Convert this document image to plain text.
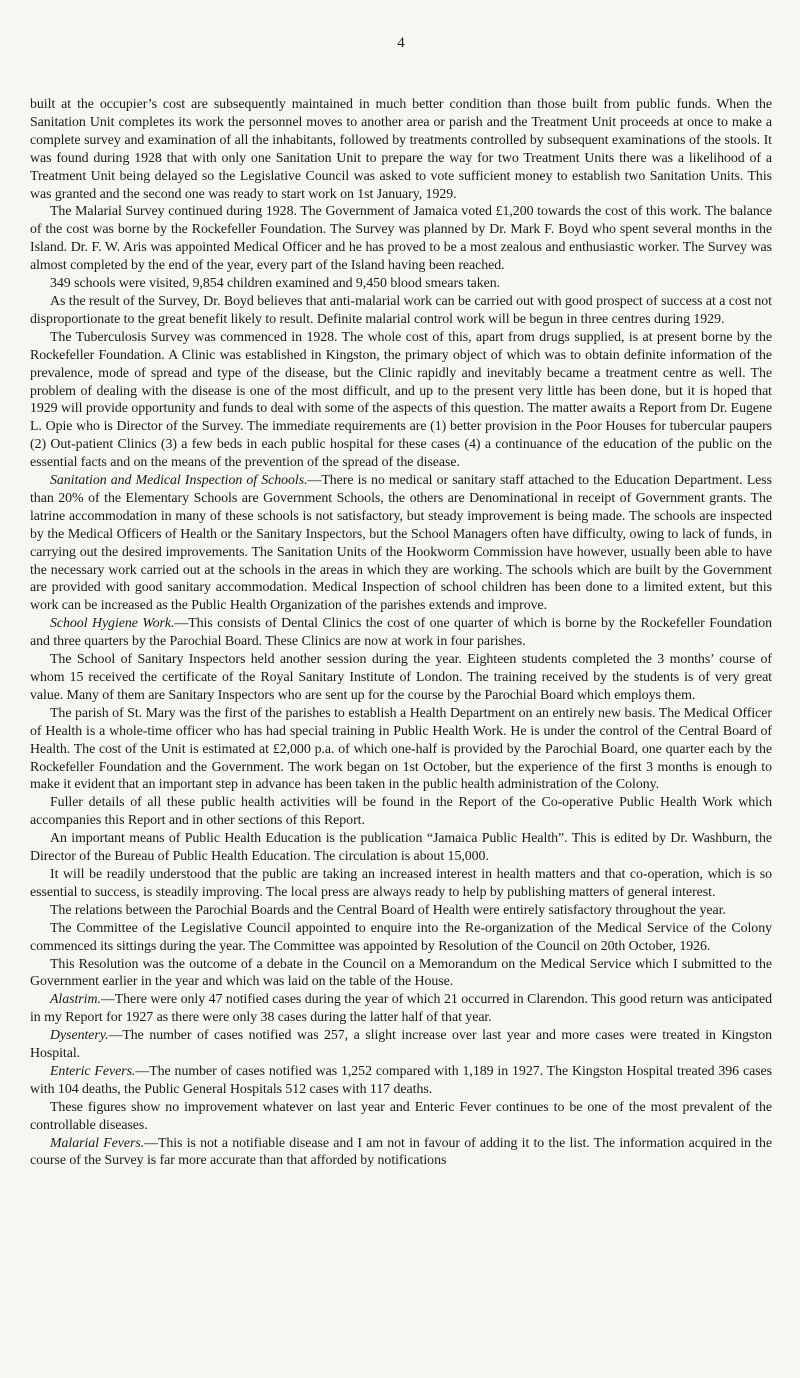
4

built at the occupier’s cost are subsequently maintained in much better condition than those built from public funds. When the Sanitation Unit completes its work the personnel moves to another area or parish and the Treatment Unit proceeds at once to make a complete survey and examination of all the inhabitants, followed by treatments controlled by subsequent examinations of the stools. It was found during 1928 that with only one Sanitation Unit to prepare the way for two Treatment Units there was a likelihood of a Treatment Unit being delayed so the Legislative Council was asked to vote sufficient money to establish two Sanitation Units. This was granted and the second one was ready to start work on 1st January, 1929.

The Malarial Survey continued during 1928. The Government of Jamaica voted £1,200 towards the cost of this work. The balance of the cost was borne by the Rockefeller Foundation. The Survey was planned by Dr. Mark F. Boyd who spent several months in the Island. Dr. F. W. Aris was appointed Medical Officer and he has proved to be a most zealous and enthusiastic worker. The Survey was almost completed by the end of the year, every part of the Island having been reached.

349 schools were visited, 9,854 children examined and 9,450 blood smears taken.

As the result of the Survey, Dr. Boyd believes that anti-malarial work can be carried out with good prospect of success at a cost not disproportionate to the great benefit likely to result. Definite malarial control work will be begun in three centres during 1929.

The Tuberculosis Survey was commenced in 1928. The whole cost of this, apart from drugs supplied, is at present borne by the Rockefeller Foundation. A Clinic was established in Kingston, the primary object of which was to obtain definite information of the prevalence, mode of spread and type of the disease, but the Clinic rapidly and inevitably became a treatment centre as well. The problem of dealing with the disease is one of the most difficult, and up to the present very little has been done, but it is hoped that 1929 will provide opportunity and funds to deal with some of the aspects of this question. The matter awaits a Report from Dr. Eugene L. Opie who is Director of the Survey. The immediate requirements are (1) better provision in the Poor Houses for tubercular paupers (2) Out-patient Clinics (3) a few beds in each public hospital for these cases (4) a continuance of the education of the public on the essential facts and on the means of the prevention of the spread of the disease.

Sanitation and Medical Inspection of Schools.—There is no medical or sanitary staff attached to the Education Department. Less than 20% of the Elementary Schools are Government Schools, the others are Denominational in receipt of Government grants. The latrine accommodation in many of these schools is not satisfactory, but steady improvement is being made. The schools are inspected by the Medical Officers of Health or the Sanitary Inspectors, but the School Managers often have difficulty, owing to lack of funds, in carrying out the desired improvements. The Sanitation Units of the Hookworm Commission have however, usually been able to have the necessary work carried out at the schools in the areas in which they are working. The schools which are built by the Government are provided with good sanitary accommodation. Medical Inspection of school children has been done to a limited extent, but this work can be increased as the Public Health Organization of the parishes extends and improve.

School Hygiene Work.—This consists of Dental Clinics the cost of one quarter of which is borne by the Rockefeller Foundation and three quarters by the Parochial Board. These Clinics are now at work in four parishes.

The School of Sanitary Inspectors held another session during the year. Eighteen students completed the 3 months’ course of whom 15 received the certificate of the Royal Sanitary Institute of London. The training received by the students is of very great value. Many of them are Sanitary Inspectors who are sent up for the course by the Parochial Board which employs them.

The parish of St. Mary was the first of the parishes to establish a Health Department on an entirely new basis. The Medical Officer of Health is a whole-time officer who has had special training in Public Health Work. He is under the control of the Central Board of Health. The cost of the Unit is estimated at £2,000 p.a. of which one-half is provided by the Parochial Board, one quarter each by the Rockefeller Foundation and the Government. The work began on 1st October, but the experience of the first 3 months is enough to make it evident that an important step in advance has been taken in the public health administration of the Colony.

Fuller details of all these public health activities will be found in the Report of the Co-operative Public Health Work which accompanies this Report and in other sections of this Report.

An important means of Public Health Education is the publication “Jamaica Public Health”. This is edited by Dr. Washburn, the Director of the Bureau of Public Health Education. The circulation is about 15,000.

It will be readily understood that the public are taking an increased interest in health matters and that co-operation, which is so essential to success, is steadily improving. The local press are always ready to help by publishing matters of general interest.

The relations between the Parochial Boards and the Central Board of Health were entirely satisfactory throughout the year.

The Committee of the Legislative Council appointed to enquire into the Re-organization of the Medical Service of the Colony commenced its sittings during the year. The Committee was appointed by Resolution of the Council on 20th October, 1926.

This Resolution was the outcome of a debate in the Council on a Memorandum on the Medical Service which I submitted to the Government earlier in the year and which was laid on the table of the House.

Alastrim.—There were only 47 notified cases during the year of which 21 occurred in Clarendon. This good return was anticipated in my Report for 1927 as there were only 38 cases during the latter half of that year.

Dysentery.—The number of cases notified was 257, a slight increase over last year and more cases were treated in Kingston Hospital.

Enteric Fevers.—The number of cases notified was 1,252 compared with 1,189 in 1927. The Kingston Hospital treated 396 cases with 104 deaths, the Public General Hospitals 512 cases with 117 deaths.

These figures show no improvement whatever on last year and Enteric Fever continues to be one of the most prevalent of the controllable diseases.

Malarial Fevers.—This is not a notifiable disease and I am not in favour of adding it to the list. The information acquired in the course of the Survey is far more accurate than that afforded by notifications
